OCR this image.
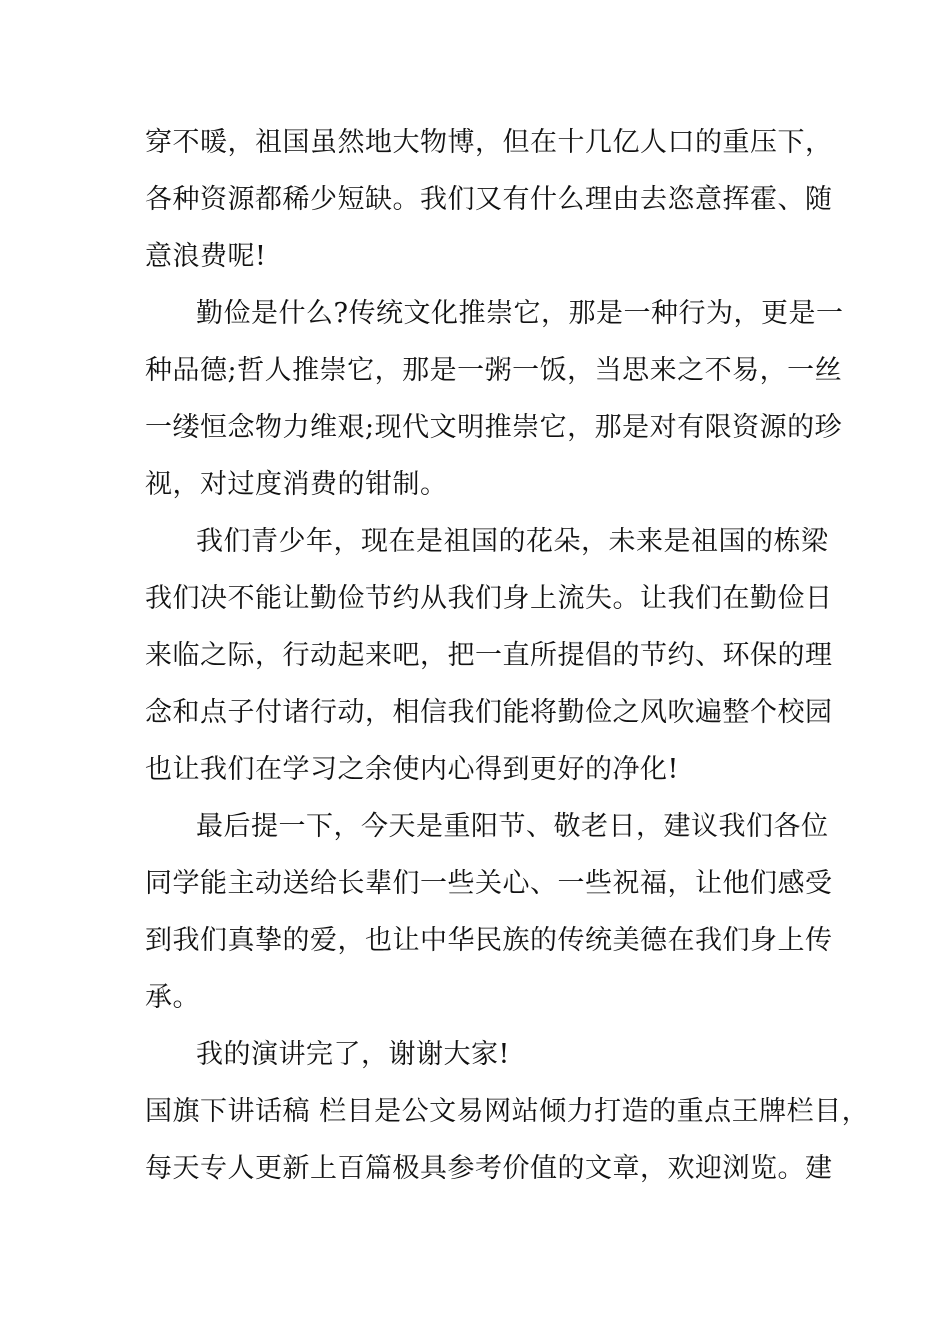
穿不暖，祖国虽然地大物博，但在十几亿人口的重压下，
各种资源都稀少短缺。我们又有什么理由去恣意挥霍、随
意浪费呢!
勤俭是什么?传统文化推崇它，那是一种行为，更是一
种品德;哲人推崇它，那是一粥一饭，当思来之不易，一丝
一缕恒念物力维艰;现代文明推崇它，那是对有限资源的珍
视，对过度消费的钳制。
我们青少年，现在是祖国的花朵，未来是祖国的栋梁
我们决不能让勤俭节约从我们身上流失。让我们在勤俭日
来临之际，行动起来吧，把一直所提倡的节约、环保的理
念和点子付诸行动，相信我们能将勤俭之风吹遍整个校园
也让我们在学习之余使内心得到更好的净化!
最后提一下，今天是重阳节、敬老日，建议我们各位
同学能主动送给长辈们一些关心、一些祝福，让他们感受
到我们真挚的爱，也让中华民族的传统美德在我们身上传
承。
我的演讲完了，谢谢大家!
国旗下讲话稿 栏目是公文易网站倾力打造的重点王牌栏目，
每天专人更新上百篇极具参考价值的文章，欢迎浏览。建
